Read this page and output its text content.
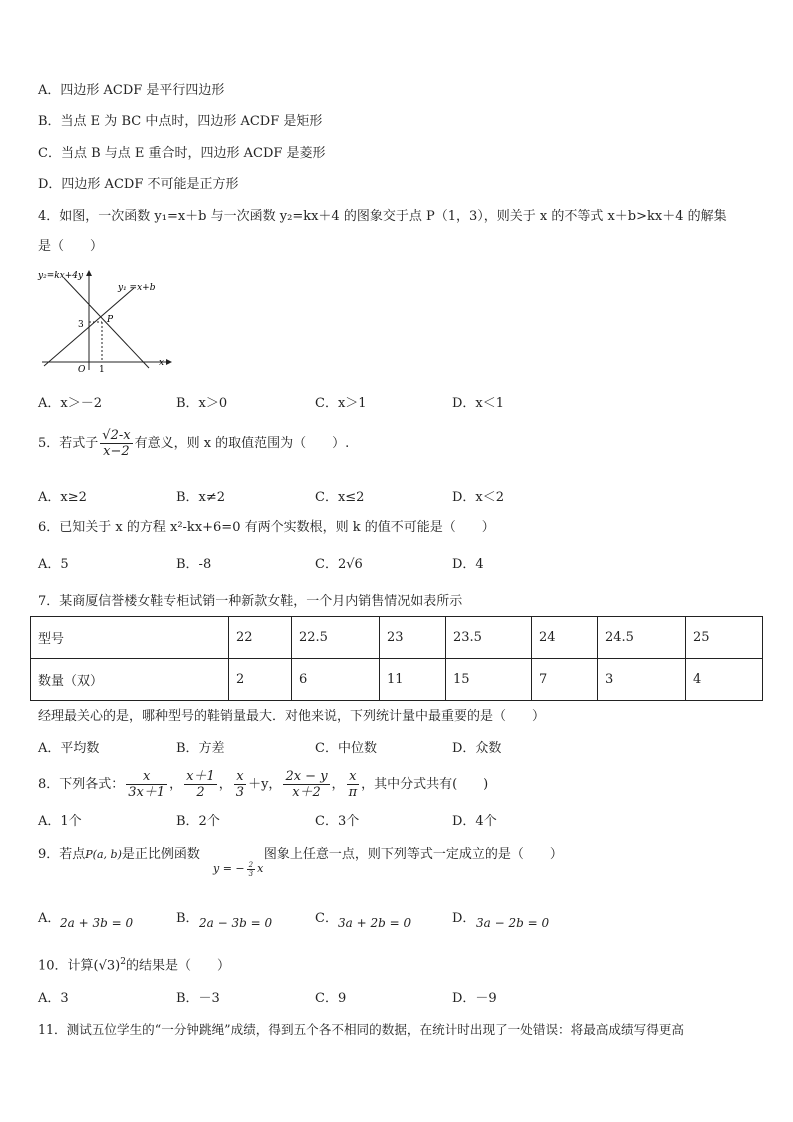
A．四边形 ACDF 是平行四边形
B．当点 E 为 BC 中点时，四边形 ACDF 是矩形
C．当点 B 与点 E 重合时，四边形 ACDF 是菱形
D．四边形 ACDF 不可能是正方形
4．如图，一次函数 y₁=x＋b 与一次函数 y₂=kx＋4 的图象交于点 P（1，3），则关于 x 的不等式 x＋b>kx＋4 的解集
是（　　）
y₂=kx+4 y
y₁ =x+b
P
3
O 1
x
A．x＞－2	B．x＞0	C．x＞1	D．x＜1
5．若式子 $\frac{√2-x}{x-2}$ 有意义，则 x 的取值范围为（　　）.
A．x≥2	B．x≠2	C．x≤2	D．x＜2
6．已知关于 x 的方程 x²-kx+6=0 有两个实数根，则 k 的值不可能是（　　）
A．5	B．-8	C．2√6	D．4
7．某商厦信誉楼女鞋专柜试销一种新款女鞋，一个月内销售情况如表所示
型号	22	22.5	23	23.5	24	24.5	25
数量（双）	2	6	11	15	7	3	4
经理最关心的是，哪种型号的鞋销量最大．对他来说，下列统计量中最重要的是（　　）
A．平均数	B．方差	C．中位数	D．众数
8．下列各式： $\frac{x}{3x+1}$ ， $\frac{x+1}{2}$ ， $\frac{x}{3} +y$， $\frac{2x - y}{x+2}$ ， $\frac{x}{\pi}$ ，其中分式共有(　　)
A．1个	B．2个	C．3个	D．4个
9．若点P(a, b)是正比例函数	图象上任意一点，则下列等式一定成立的是（　　）
y = − $\frac{2}{3}$ x
A． 2a + 3b = 0	B． 2a − 3b = 0	C． 3a + 2b = 0	D． 3a − 2b = 0
10．计算$(√3)^2$的结果是（　　）
A．3	B．－3	C．9	D．－9
11．测试五位学生的“一分钟跳绳”成绩，得到五个各不相同的数据，在统计时出现了一处错误：将最高成绩写得更高
